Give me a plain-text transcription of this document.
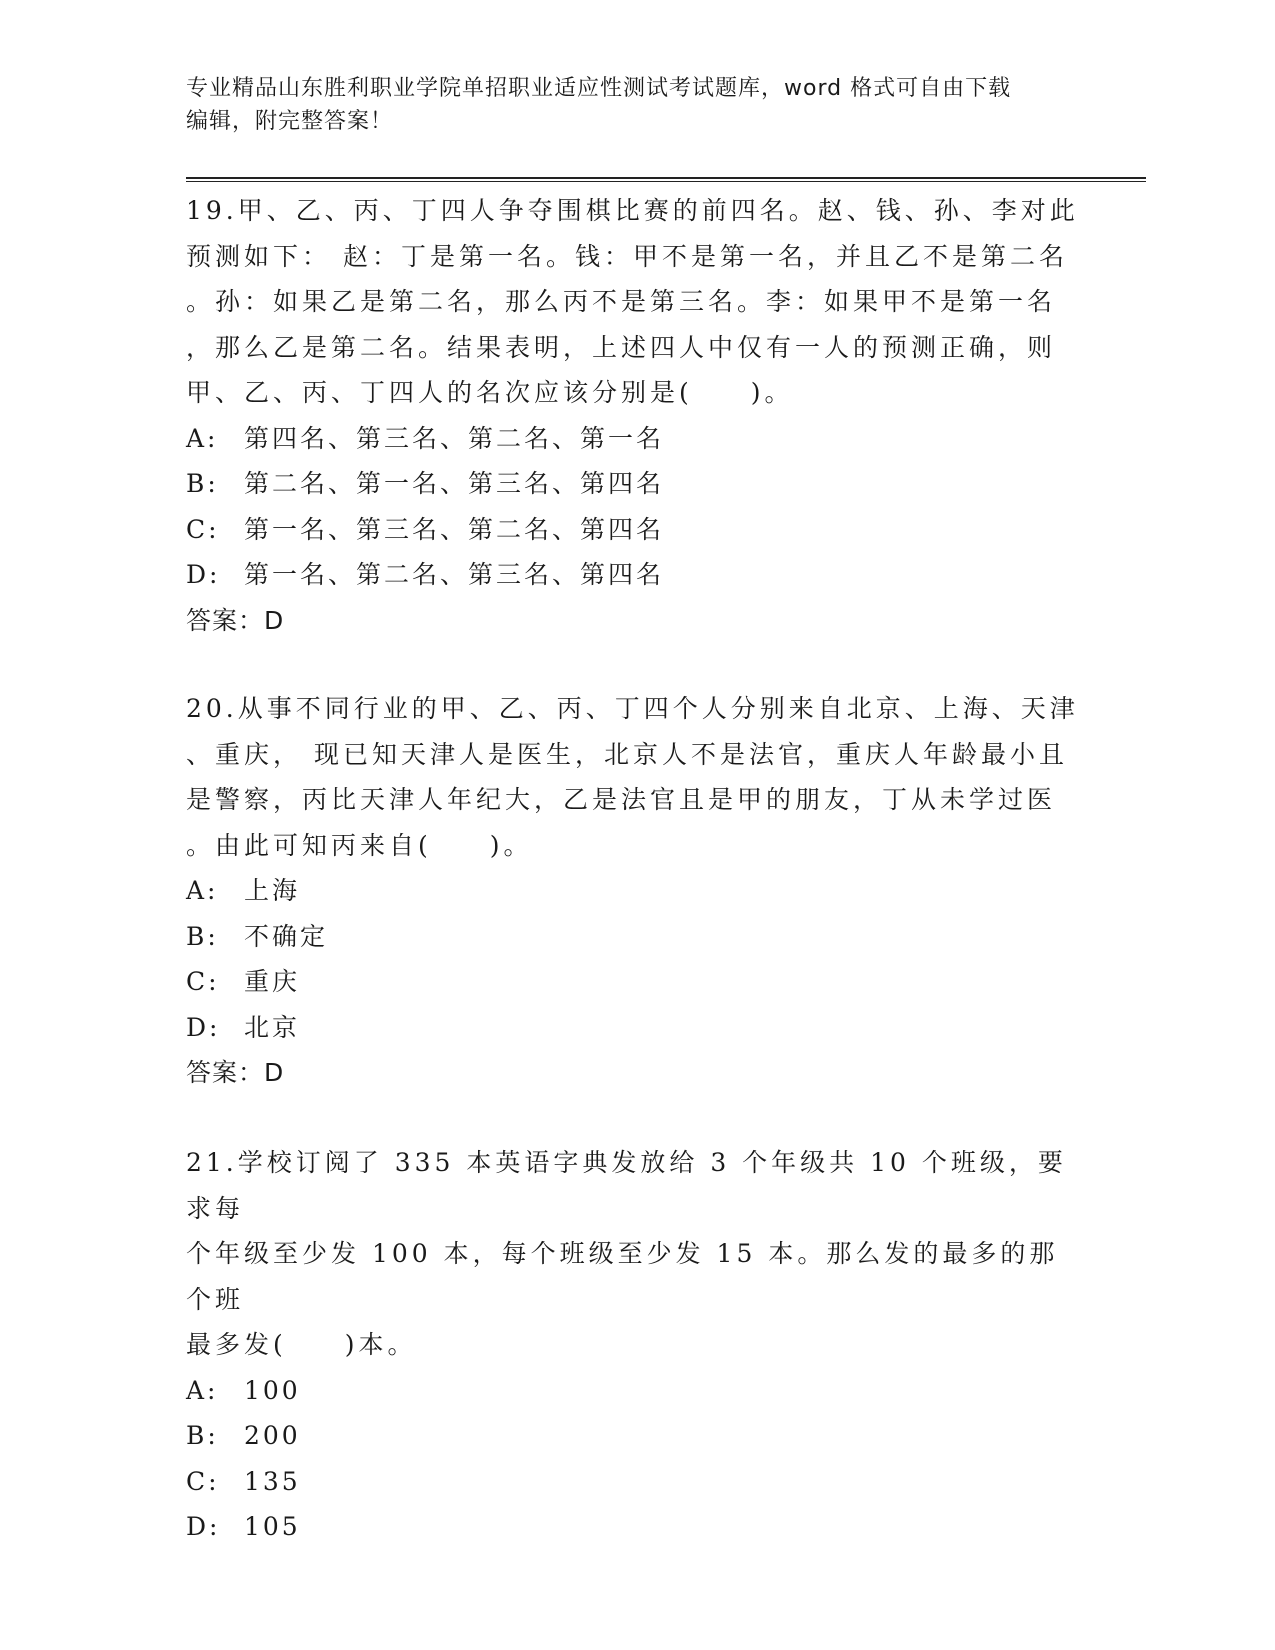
专业精品山东胜利职业学院单招职业适应性测试考试题库，word 格式可自由下载
编辑，附完整答案！
19.甲、乙、丙、丁四人争夺围棋比赛的前四名。赵、钱、孙、李对此
预测如下： 赵：丁是第一名。钱：甲不是第一名，并且乙不是第二名
。孙：如果乙是第二名，那么丙不是第三名。李：如果甲不是第一名
，那么乙是第二名。结果表明，上述四人中仅有一人的预测正确，则
甲、乙、丙、丁四人的名次应该分别是(　　)。
A:	第四名、第三名、第二名、第一名
B:	第二名、第一名、第三名、第四名
C: 第一名、第三名、第二名、第四名
D: 第一名、第二名、第三名、第四名
答案：D
20.从事不同行业的甲、乙、丙、丁四个人分别来自北京、上海、天津
、重庆， 现已知天津人是医生，北京人不是法官，重庆人年龄最小且
是警察，丙比天津人年纪大，乙是法官且是甲的朋友，丁从未学过医
。由此可知丙来自(　　)。
A:	上海
B:	不确定
C: 重庆
D: 北京
答案：D
21.学校订阅了 335 本英语字典发放给 3 个年级共 10 个班级，要求每
个年级至少发 100 本，每个班级至少发 15 本。那么发的最多的那个班
最多发(　　)本。
A:	100
B:	200
C: 135
D: 105
